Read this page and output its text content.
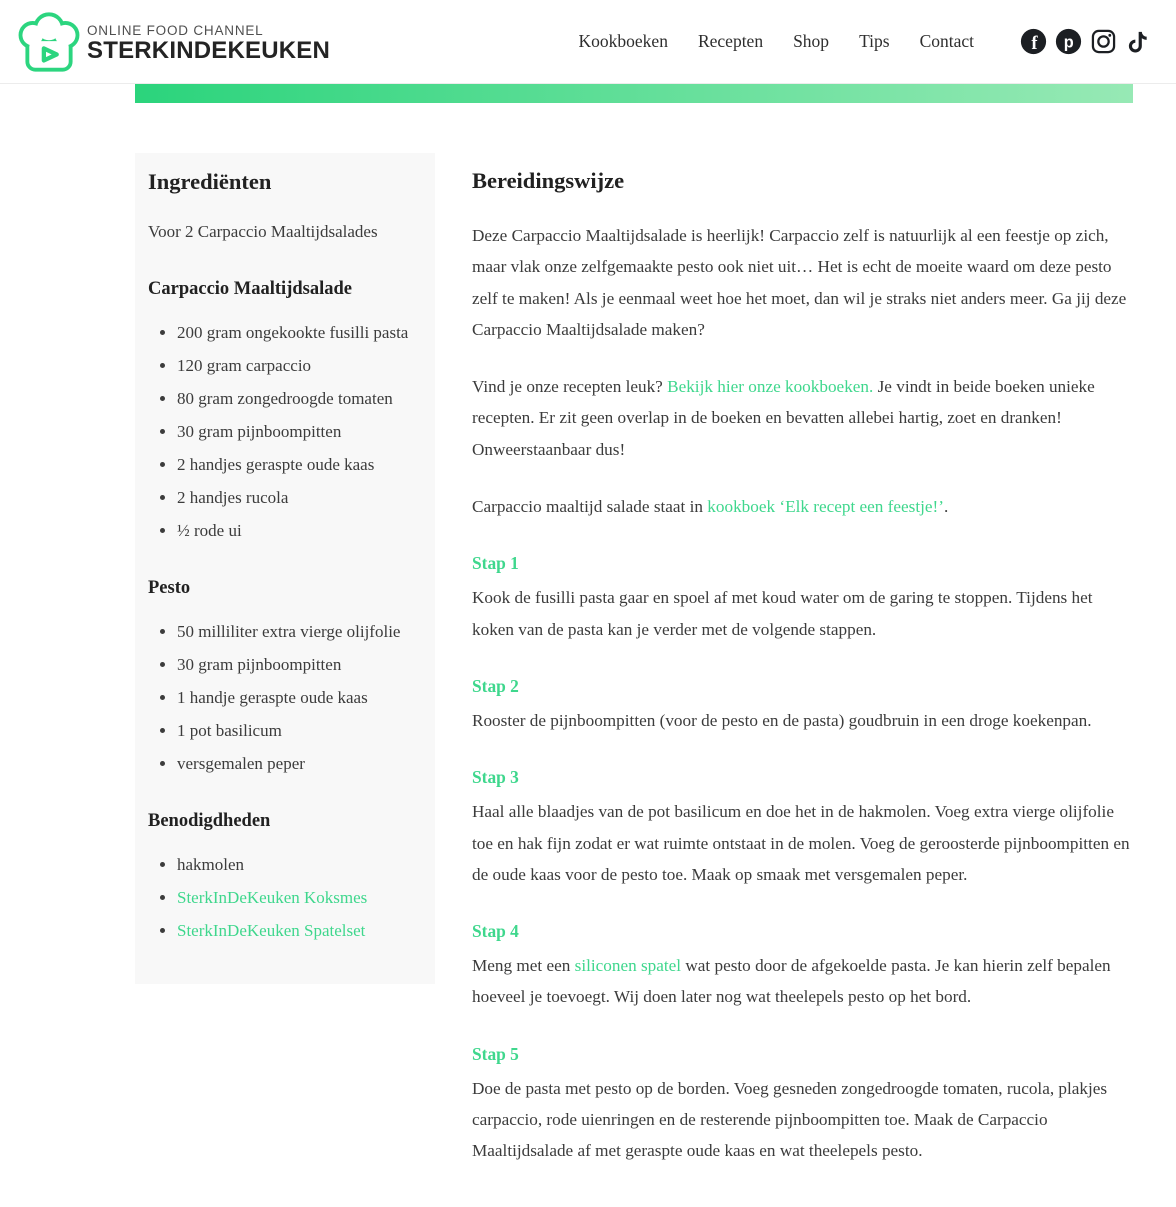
ONLINE FOOD CHANNEL
STERKINDEKEUKEN	Kookboeken Recepten Shop Tips Contact	f p
Ingrediënten

Voor 2 Carpaccio Maaltijdsalades

Carpaccio Maaltijdsalade
• 200 gram ongekookte fusilli pasta
• 120 gram carpaccio
• 80 gram zongedroogde tomaten
• 30 gram pijnboompitten
• 2 handjes geraspte oude kaas
• 2 handjes rucola
• ½ rode ui
Pesto
• 50 milliliter extra vierge olijfolie
• 30 gram pijnboompitten
• 1 handje geraspte oude kaas
• 1 pot basilicum
• versgemalen peper
Benodigdheden
• hakmolen
• SterkInDeKeuken Koksmes
• SterkInDeKeuken Spatelset
Bereidingswijze

Deze Carpaccio Maaltijdsalade is heerlijk! Carpaccio zelf is natuurlijk al een feestje op zich, maar vlak onze zelfgemaakte pesto ook niet uit… Het is echt de moeite waard om deze pesto zelf te maken! Als je eenmaal weet hoe het moet, dan wil je straks niet anders meer. Ga jij deze Carpaccio Maaltijdsalade maken?

Vind je onze recepten leuk? Bekijk hier onze kookboeken. Je vindt in beide boeken unieke recepten. Er zit geen overlap in de boeken en bevatten allebei hartig, zoet en dranken! Onweerstaanbaar dus!

Carpaccio maaltijd salade staat in kookboek ‘Elk recept een feestje!’.

Stap 1

Kook de fusilli pasta gaar en spoel af met koud water om de garing te stoppen. Tijdens het koken van de pasta kan je verder met de volgende stappen.

Stap 2

Rooster de pijnboompitten (voor de pesto en de pasta) goudbruin in een droge koekenpan.

Stap 3

Haal alle blaadjes van de pot basilicum en doe het in de hakmolen. Voeg extra vierge olijfolie toe en hak fijn zodat er wat ruimte ontstaat in de molen. Voeg de geroosterde pijnboompitten en de oude kaas voor de pesto toe. Maak op smaak met versgemalen peper.

Stap 4

Meng met een siliconen spatel wat pesto door de afgekoelde pasta. Je kan hierin zelf bepalen hoeveel je toevoegt. Wij doen later nog wat theelepels pesto op het bord.

Stap 5

Doe de pasta met pesto op de borden. Voeg gesneden zongedroogde tomaten, rucola, plakjes carpaccio, rode uienringen en de resterende pijnboompitten toe. Maak de Carpaccio Maaltijdsalade af met geraspte oude kaas en wat theelepels pesto.
